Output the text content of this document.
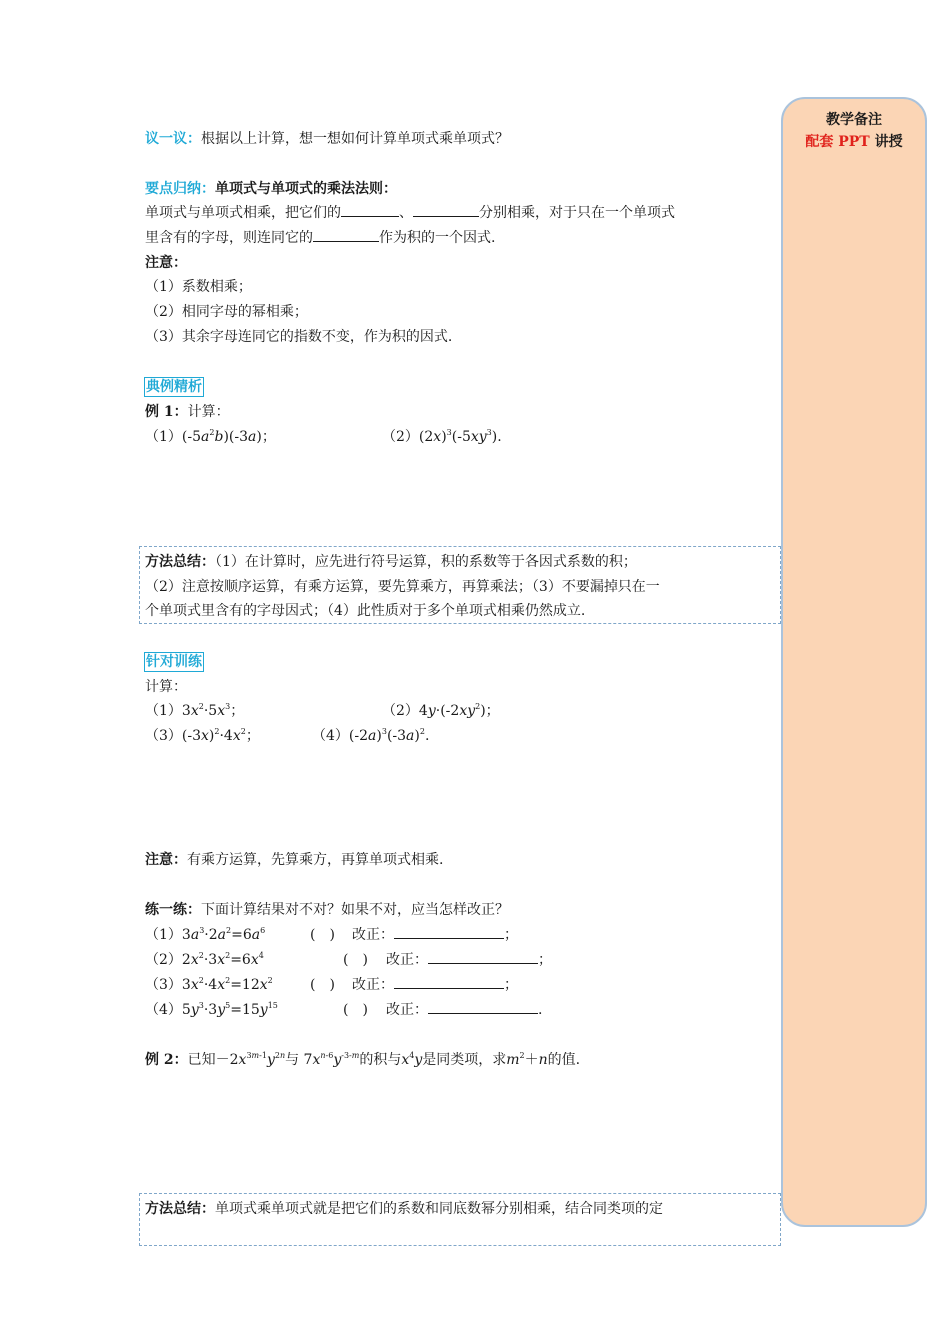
议一议：根据以上计算，想一想如何计算单项式乘单项式？
要点归纳：单项式与单项式的乘法法则：
单项式与单项式相乘，把它们的	、	分别相乘，对于只在一个单项式
里含有的字母，则连同它的	作为积的一个因式.
注意：
（1）系数相乘；
（2）相同字母的幂相乘；
（3）其余字母连同它的指数不变，作为积的因式.
典例精析
例 1：计算：
$(1)(-5a^2b)(-3a)$；	$(2)(2x)^3(-5xy^3)$.
方法总结：（1）在计算时，应先进行符号运算，积的系数等于各因式系数的积；
（2）注意按顺序运算，有乘方运算，要先算乘方，再算乘法；（3）不要漏掉只在一
个单项式里含有的字母因式；（4）此性质对于多个单项式相乘仍然成立.
针对训练
计算：
$(1)3x^2\cdot 5x^3$；	$(2)4y\cdot(-2xy^2)$；
$(3)(-3x)^2\cdot 4x^2$；	$(4)(-2a)^3(-3a)^2$.
注意：有乘方运算，先算乘方，再算单项式相乘.
练一练：下面计算结果对不对？如果不对，应当怎样改正？
$(1)3a^3\cdot 2a^2=6a^6$	(　) 改正：	；
$(2)2x^2\cdot 3x^2=6x^4$	(　) 改正：	；
$(3)3x^2\cdot 4x^2=12x^2$	(　) 改正：	；
$(4)5y^3\cdot 3y^5=15y^{15}$	(　) 改正：	.
例 2：已知$-2x^{3m-1}y^{2n}$与 $7x^{n-6}y^{-3-m}$的积与$x^4y$是同类项，求$m^2+n$的值.
方法总结：单项式乘单项式就是把它们的系数和同底数幂分别相乘，结合同类项的定
教学备注
配套 PPT 讲授
